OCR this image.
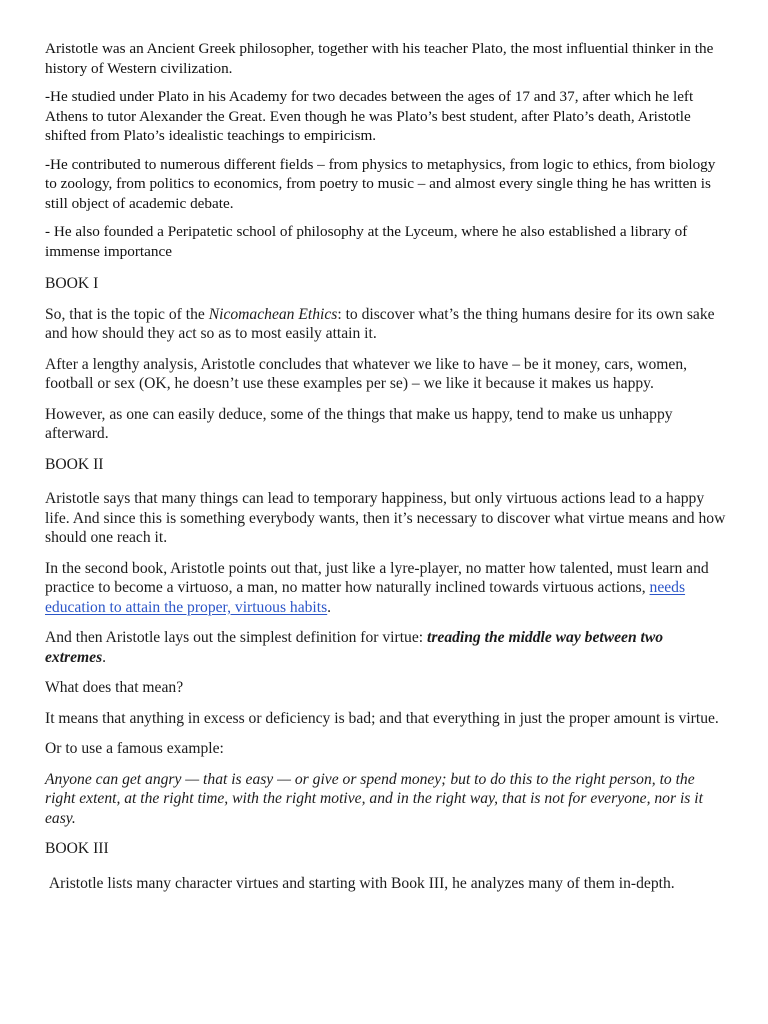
Aristotle was an Ancient Greek philosopher, together with his teacher Plato, the most influential thinker in the history of Western civilization.

-He studied under Plato in his Academy for two decades between the ages of 17 and 37, after which he left Athens to tutor Alexander the Great. Even though he was Plato’s best student, after Plato’s death, Aristotle shifted from Plato’s idealistic teachings to empiricism.

-He contributed to numerous different fields – from physics to metaphysics, from logic to ethics, from biology to zoology, from politics to economics, from poetry to music – and almost every single thing he has written is still object of academic debate.

- He also founded a Peripatetic school of philosophy at the Lyceum, where he also established a library of immense importance

BOOK I

So, that is the topic of the Nicomachean Ethics: to discover what’s the thing humans desire for its own sake and how should they act so as to most easily attain it.

After a lengthy analysis, Aristotle concludes that whatever we like to have – be it money, cars, women, football or sex (OK, he doesn’t use these examples per se) – we like it because it makes us happy.

However, as one can easily deduce, some of the things that make us happy, tend to make us unhappy afterward.

BOOK II

Aristotle says that many things can lead to temporary happiness, but only virtuous actions lead to a happy life. And since this is something everybody wants, then it’s necessary to discover what virtue means and how should one reach it.

In the second book, Aristotle points out that, just like a lyre-player, no matter how talented, must learn and practice to become a virtuoso, a man, no matter how naturally inclined towards virtuous actions, needs education to attain the proper, virtuous habits.

And then Aristotle lays out the simplest definition for virtue: treading the middle way between two extremes.

What does that mean?

It means that anything in excess or deficiency is bad; and that everything in just the proper amount is virtue.

Or to use a famous example:

Anyone can get angry — that is easy — or give or spend money; but to do this to the right person, to the right extent, at the right time, with the right motive, and in the right way, that is not for everyone, nor is it easy.

BOOK III

Aristotle lists many character virtues and starting with Book III, he analyzes many of them in-depth.
